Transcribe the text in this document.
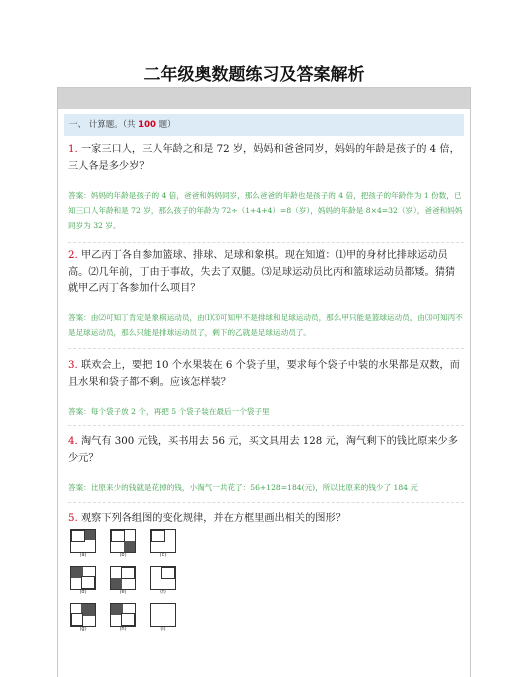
二年级奥数题练习及答案解析
一、 计算题。（共 100 题）
1. 一家三口人，三人年龄之和是 72 岁，妈妈和爸爸同岁，妈妈的年龄是孩子的 4 倍，三人各是多少岁？
答案：妈妈的年龄是孩子的 4 倍，爸爸和妈妈同岁，那么爸爸的年龄也是孩子的 4 倍，把孩子的年龄作为 1 份数，已知三口人年龄和是 72 岁，那么孩子的年龄为 72÷（1+4+4）=8（岁），妈妈的年龄是 8×4=32（岁），爸爸和妈妈同岁为 32 岁。
2. 甲乙丙丁各自参加篮球、排球、足球和象棋。现在知道：⑴甲的身材比排球运动员高。⑵几年前，丁由于事故，失去了双腿。⑶足球运动员比丙和篮球运动员都矮。猜猜就甲乙丙丁各参加什么项目？
答案：由⑵可知丁肯定是象棋运动员，由⑴⑶可知甲不是排球和足球运动员，那么甲只能是篮球运动员，由⑶可知丙不是足球运动员，那么只能是排球运动员了，剩下的乙就是足球运动员了。
3. 联欢会上，要把 10 个水果装在 6 个袋子里，要求每个袋子中装的水果都是双数，而且水果和袋子都不剩。应该怎样装？
答案：每个袋子放 2 个，再把 5 个袋子装在最后一个袋子里
4. 淘气有 300 元钱，买书用去 56 元，买文具用去 128 元，淘气剩下的钱比原来少多少元？
答案：比原来少的钱就是花掉的钱，小淘气一共花了：56+128=184(元)，所以比原来的钱少了 184 元
5. 观察下列各组图的变化规律，并在方框里画出相关的图形？
(a)	(b)	(c)
(d)	(e)	(f)
(g)	(h)	(i)
